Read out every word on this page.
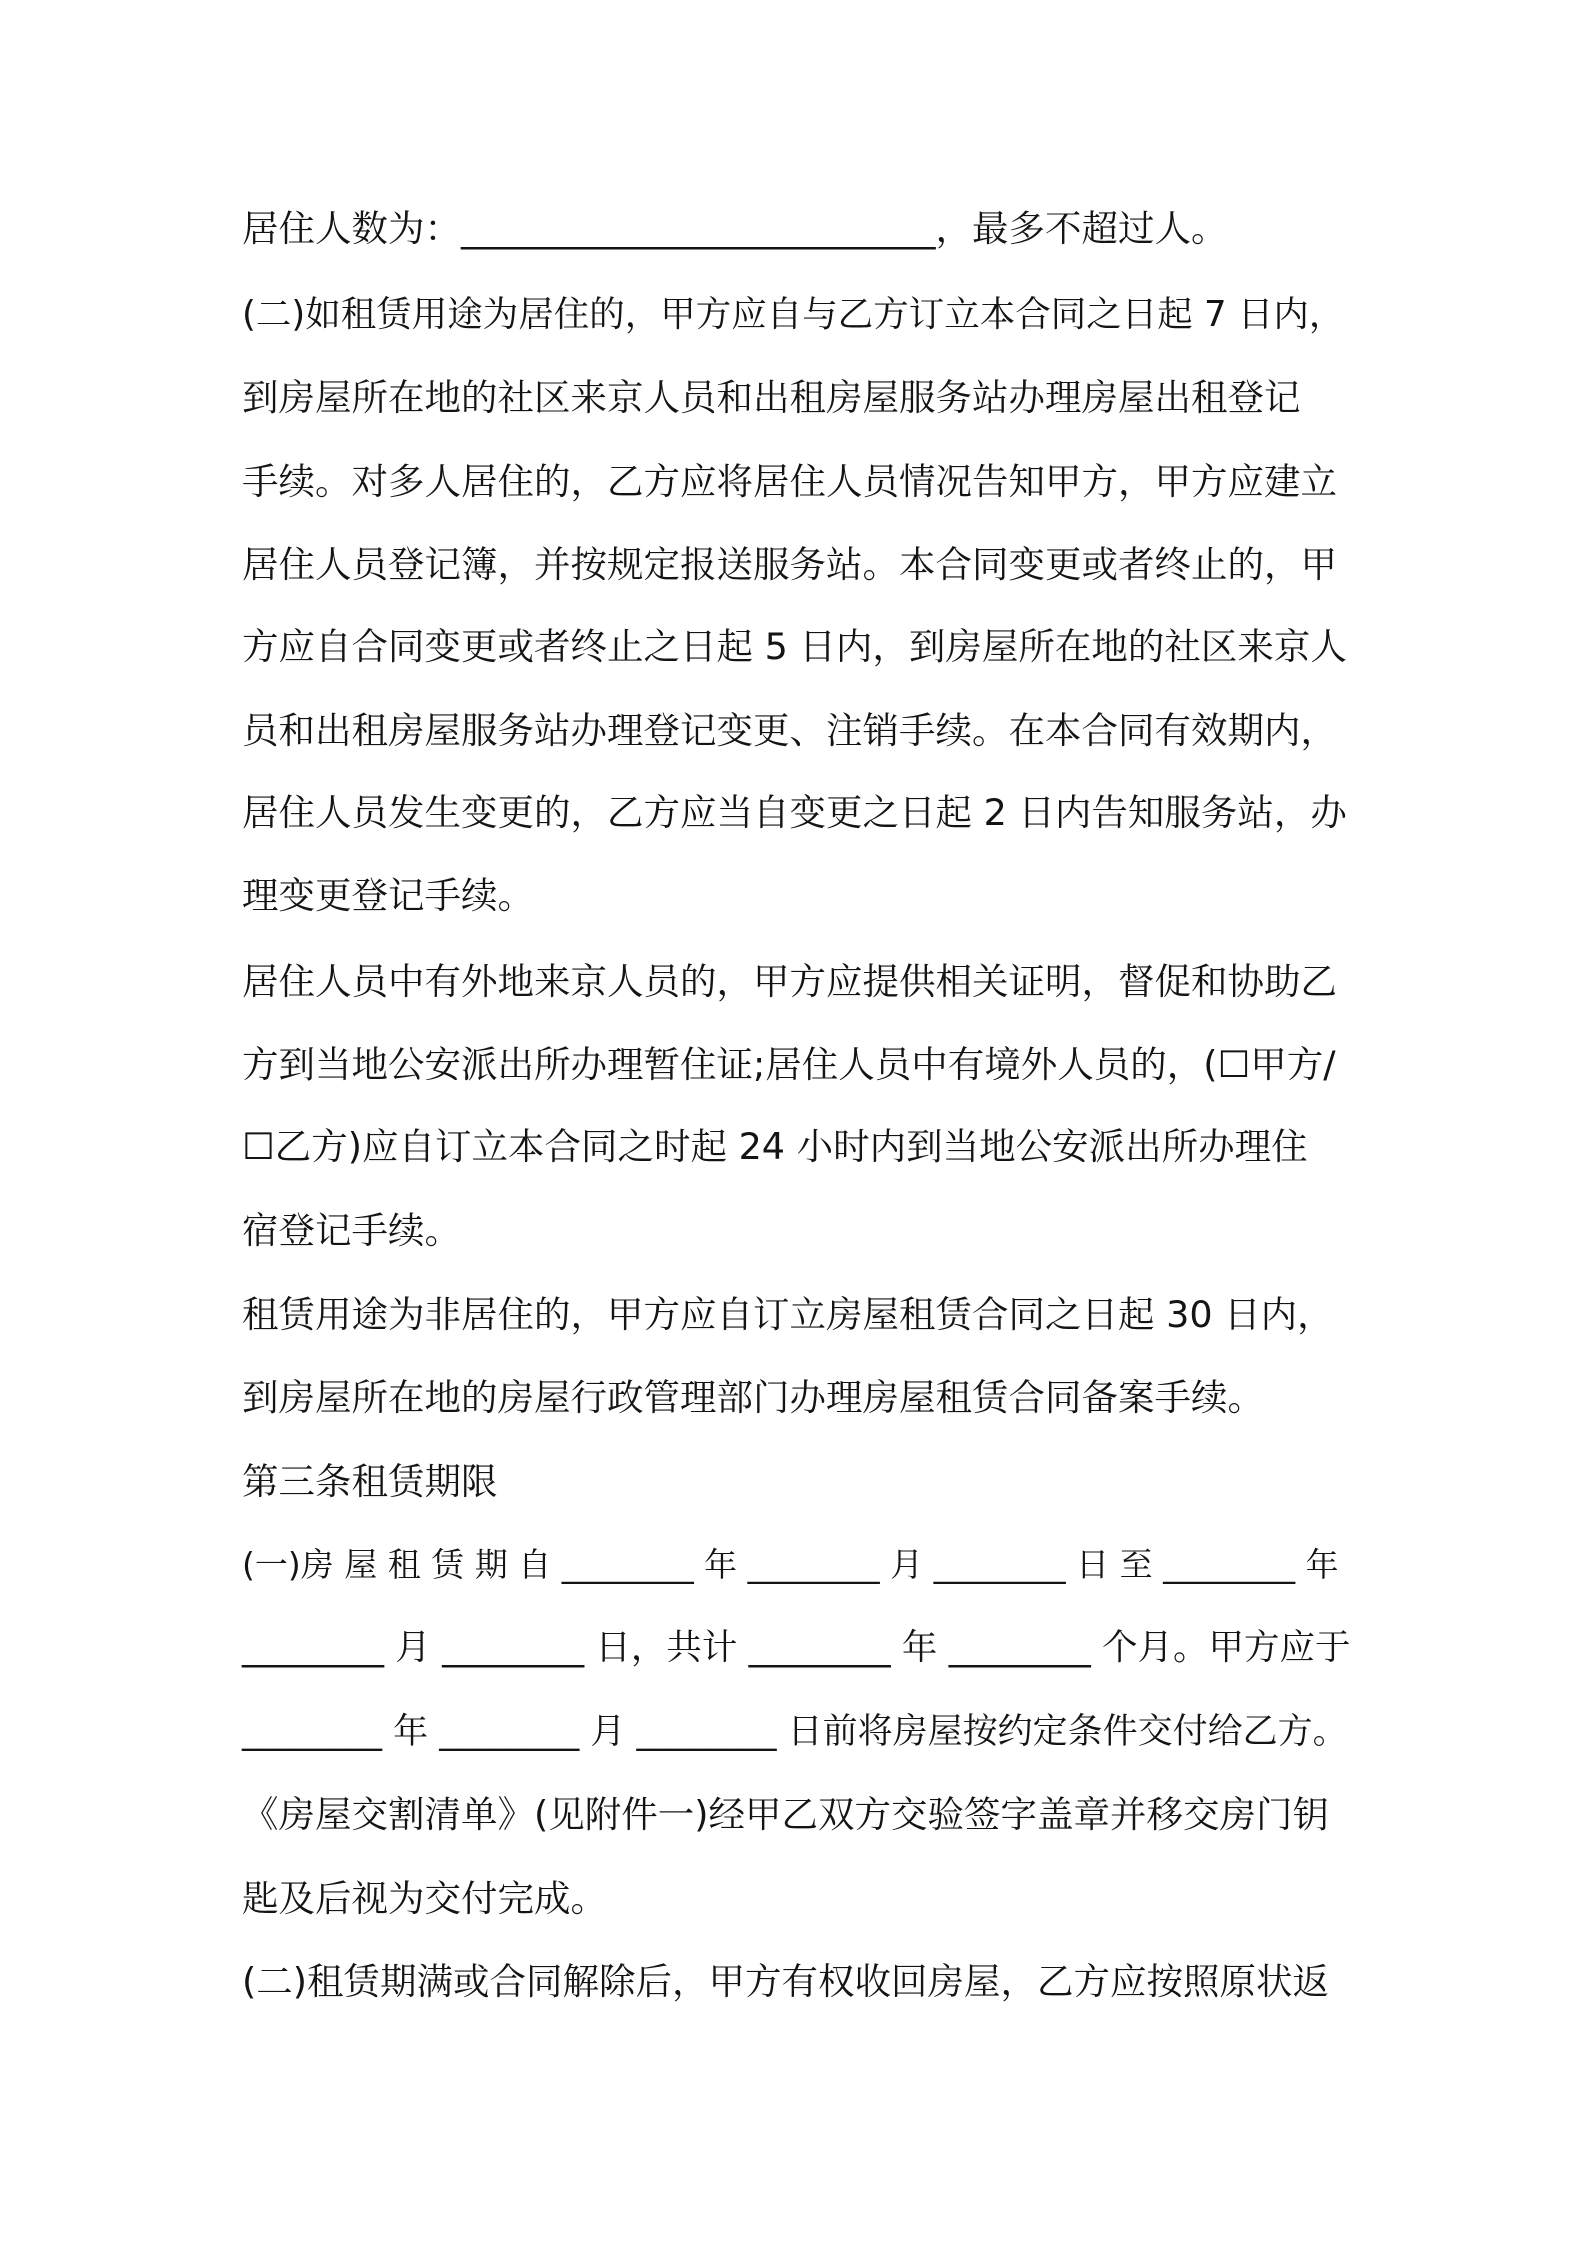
居住人数为：__________________________，最多不超过人。
(二)如租赁用途为居住的，甲方应自与乙方订立本合同之日起 7 日内，
到房屋所在地的社区来京人员和出租房屋服务站办理房屋出租登记
手续。对多人居住的，乙方应将居住人员情况告知甲方，甲方应建立
居住人员登记簿，并按规定报送服务站。本合同变更或者终止的，甲
方应自合同变更或者终止之日起 5 日内，到房屋所在地的社区来京人
员和出租房屋服务站办理登记变更、注销手续。在本合同有效期内，
居住人员发生变更的，乙方应当自变更之日起 2 日内告知服务站，办
理变更登记手续。
居住人员中有外地来京人员的，甲方应提供相关证明，督促和协助乙
方到当地公安派出所办理暂住证;居住人员中有境外人员的，(☐甲方/
☐乙方)应自订立本合同之时起 24 小时内到当地公安派出所办理住
宿登记手续。
租赁用途为非居住的，甲方应自订立房屋租赁合同之日起 30 日内，
到房屋所在地的房屋行政管理部门办理房屋租赁合同备案手续。
第三条租赁期限
(一)房 屋 租 赁 期 自 ________ 年 ________ 月 ________ 日 至 ________ 年
________ 月 ________ 日，共计 ________ 年 ________ 个月。甲方应于
________ 年 ________ 月 ________ 日前将房屋按约定条件交付给乙方。
《房屋交割清单》(见附件一)经甲乙双方交验签字盖章并移交房门钥
匙及后视为交付完成。
(二)租赁期满或合同解除后，甲方有权收回房屋，乙方应按照原状返
